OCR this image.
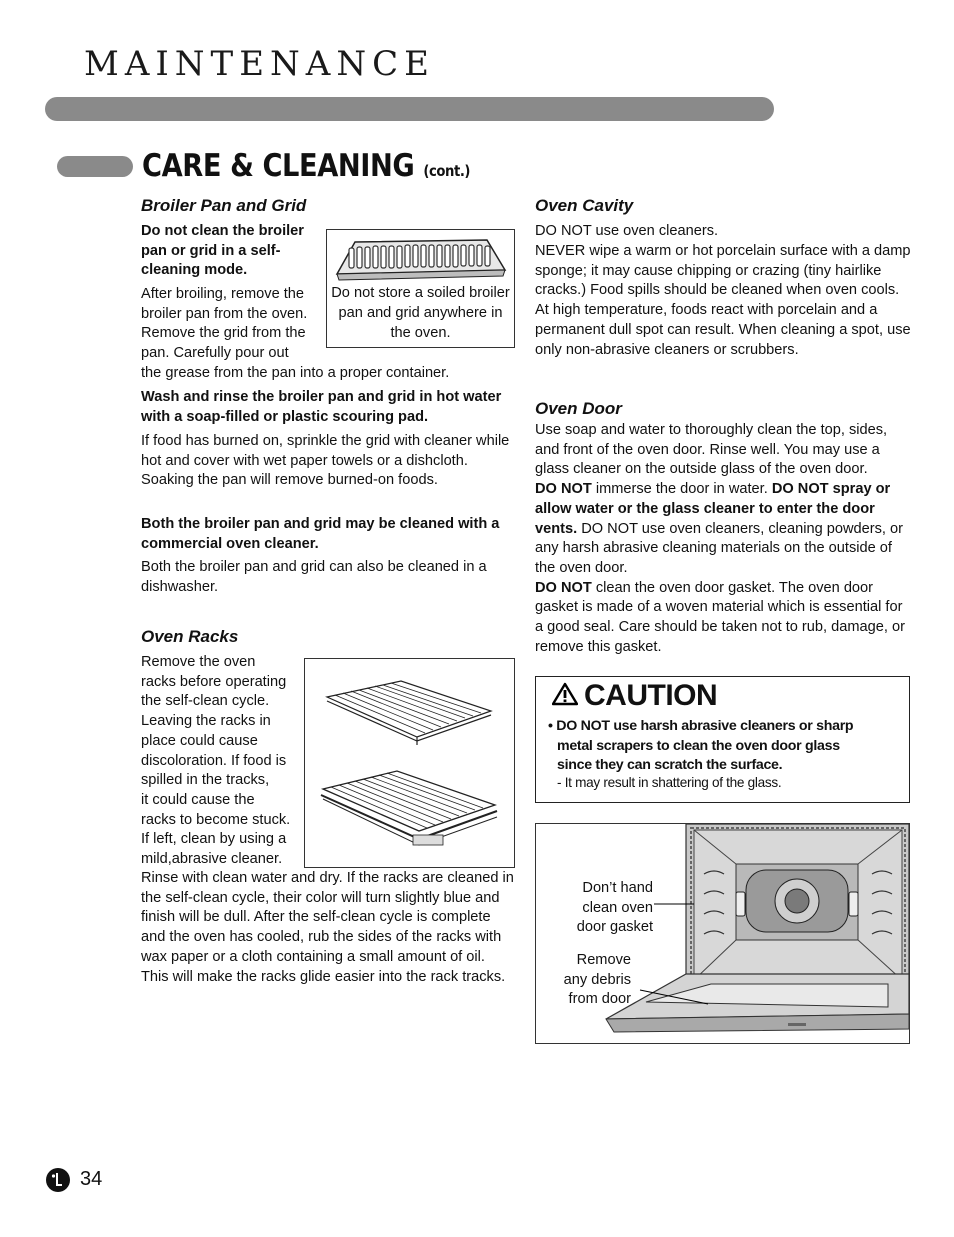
MAINTENANCE
CARE & CLEANING (cont.)
Broiler Pan and Grid
Do not clean the broiler
pan or grid in a self-
cleaning mode.
After broiling, remove the
broiler pan from the oven.
Remove the grid from the
pan. Carefully pour out
the grease from the pan into a proper container.
Do not store a soiled broiler pan and grid anywhere in the oven.
Wash and rinse the broiler pan and grid in hot water with a soap-filled or plastic scouring pad.
If food has burned on, sprinkle the grid with cleaner while hot and cover with wet paper towels or a dishcloth. Soaking the pan will remove burned-on foods.
Both the broiler pan and grid may be cleaned with a commercial oven cleaner.
Both the broiler pan and grid can also be cleaned in a dishwasher.
Oven Racks
Remove the oven
racks before operating
the self-clean cycle.
Leaving the racks in
place could cause
discoloration. If food is
spilled in the tracks,
it could cause the
racks to become stuck.
If left, clean by using a
mild,abrasive cleaner.
Rinse with clean water and dry. If the racks are cleaned in the self-clean cycle, their color will turn slightly blue and finish will be dull. After the self-clean cycle is complete and the oven has cooled, rub the sides of the racks with wax paper or a cloth containing a small amount of oil. This will make the racks glide easier into the rack tracks.
Oven Cavity
DO NOT use oven cleaners.
NEVER wipe a warm or hot porcelain surface with a damp sponge; it may cause chipping or crazing (tiny hairlike cracks.) Food spills should be cleaned when oven cools. At high temperature, foods react with porcelain and a permanent dull spot can result. When cleaning a spot, use only non-abrasive cleaners or scrubbers.
Oven Door
Use soap and water to thoroughly clean the top, sides, and front of the oven door. Rinse well. You may use a glass cleaner on the outside glass of the oven door.
DO NOT immerse the door in water. DO NOT spray or allow water or the glass cleaner to enter the door vents. DO NOT use oven cleaners, cleaning powders, or any harsh abrasive cleaning materials on the outside of the oven door.
DO NOT clean the oven door gasket. The oven door gasket is made of a woven material which is essential for a good seal. Care should be taken not to rub, damage, or remove this gasket.
CAUTION
• DO NOT use harsh abrasive cleaners or sharp
metal scrapers to clean the oven door glass
since they can scratch the surface.
- It may result in shattering of the glass.
Don’t hand
clean oven
door gasket
Remove
any debris
from door
34
